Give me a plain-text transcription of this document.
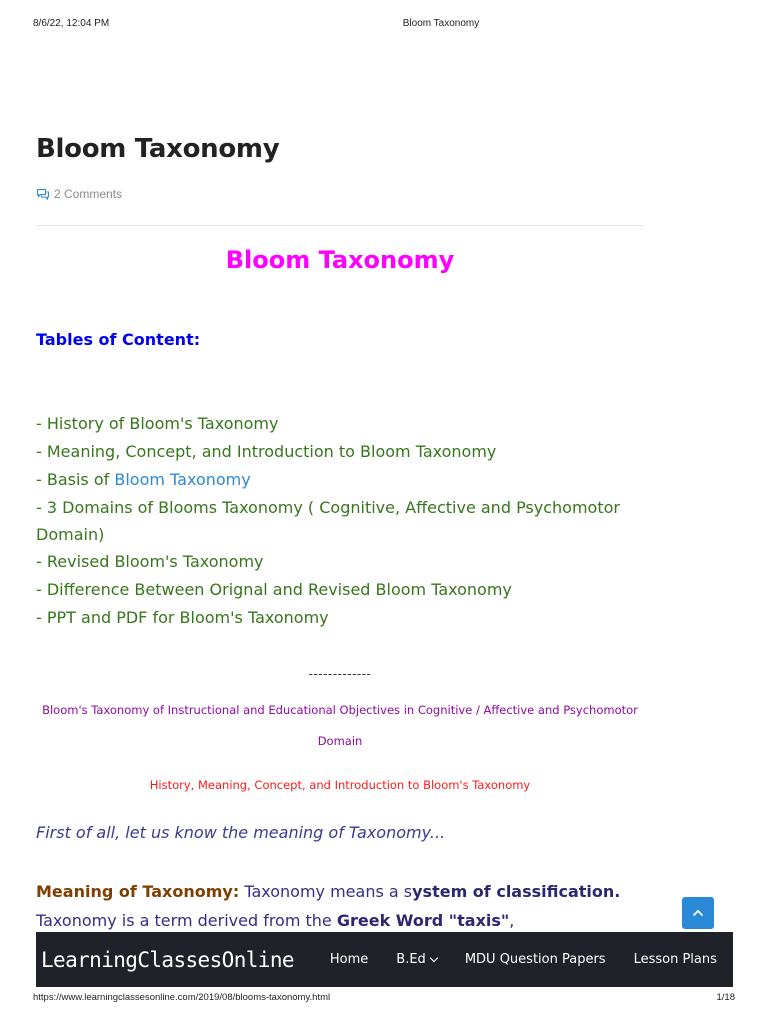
8/6/22, 12:04 PM	Bloom Taxonomy
Bloom Taxonomy
2 Comments
Bloom Taxonomy
Tables of Content:
- History of Bloom's Taxonomy
- Meaning, Concept, and Introduction to Bloom Taxonomy
- Basis of Bloom Taxonomy
- 3 Domains of Blooms Taxonomy ( Cognitive, Affective and Psychomotor Domain)
- Revised Bloom's Taxonomy
- Difference Between Orignal and Revised Bloom Taxonomy
- PPT and PDF for Bloom's Taxonomy
-------------
Bloom's Taxonomy of Instructional and Educational Objectives in Cognitive / Affective and Psychomotor
Domain
History, Meaning, Concept, and Introduction to Bloom's Taxonomy

First of all, let us know the meaning of Taxonomy...

Meaning of Taxonomy: Taxonomy means a system of classification. Taxonomy is a term derived from the Greek Word "taxis",

LearningClassesOnline	Home B.Ed	MDU Question Papers Lesson Plans Com
https://www.learningclassesonline.com/2019/08/blooms-taxonomy.html	1/18
